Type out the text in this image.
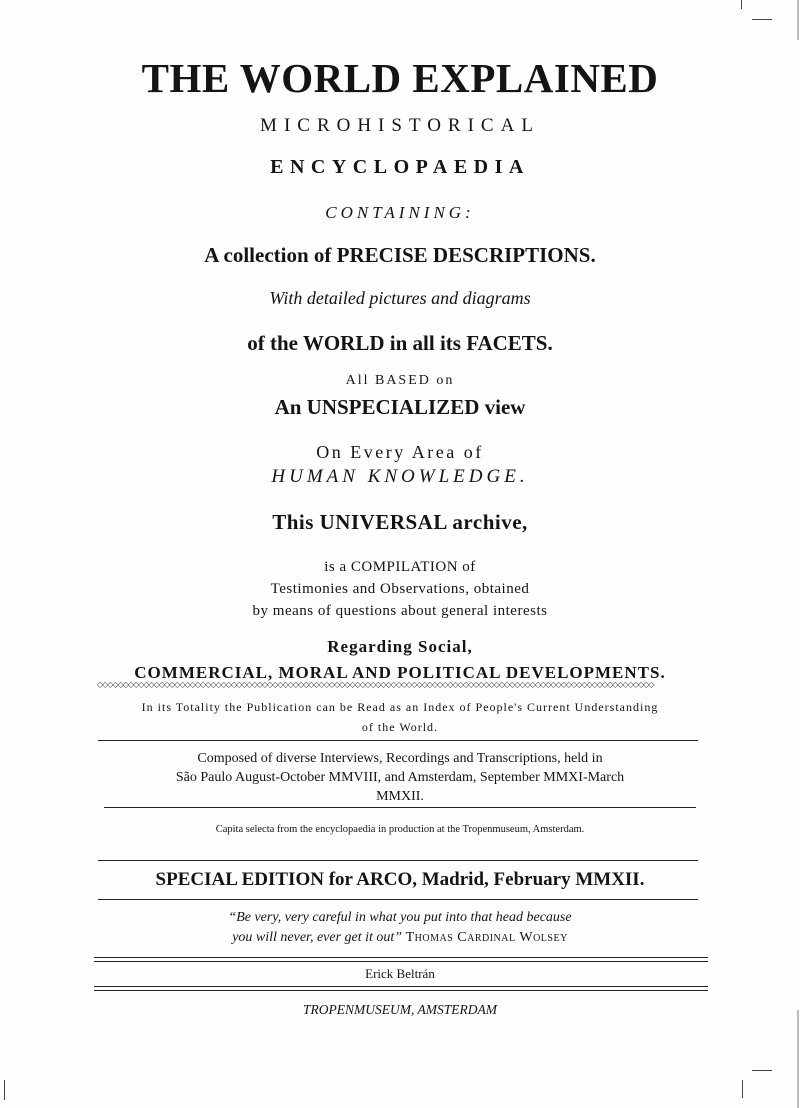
THE WORLD EXPLAINED
MICROHISTORICAL
ENCYCLOPAEDIA
CONTAINING:
A collection of PRECISE DESCRIPTIONS.
With detailed pictures and diagrams
of the WORLD in all its FACETS.
All BASED on
An UNSPECIALIZED view
On Every Area of
HUMAN KNOWLEDGE.
This UNIVERSAL archive,
is a COMPILATION of
Testimonies and Observations, obtained
by means of questions about general interests
Regarding Social,
COMMERCIAL, MORAL AND POLITICAL DEVELOPMENTS.
◇◇◇◇◇◇◇◇◇◇◇◇◇◇◇◇◇◇◇◇◇◇◇◇◇◇◇◇◇◇◇◇◇◇◇◇◇◇◇◇◇◇◇◇◇◇◇◇◇◇◇◇◇◇◇◇◇◇◇◇◇◇◇◇◇◇◇◇◇◇◇◇◇◇◇◇◇◇◇◇◇◇◇◇◇◇◇◇◇◇◇◇◇◇◇◇◇◇◇◇◇◇◇◇◇◇◇◇
In its Totality the Publication can be Read as an Index of People's Current Understanding
of the World.
Composed of diverse Interviews, Recordings and Transcriptions, held in
São Paulo August-October MMVIII, and Amsterdam, September MMXI-March
MMXII.
Capita selecta from the encyclopaedia in production at the Tropenmuseum, Amsterdam.
SPECIAL EDITION for ARCO, Madrid, February MMXII.
“Be very, very careful in what you put into that head because
you will never, ever get it out” Thomas Cardinal Wolsey
Erick Beltrán
TROPENMUSEUM, AMSTERDAM
